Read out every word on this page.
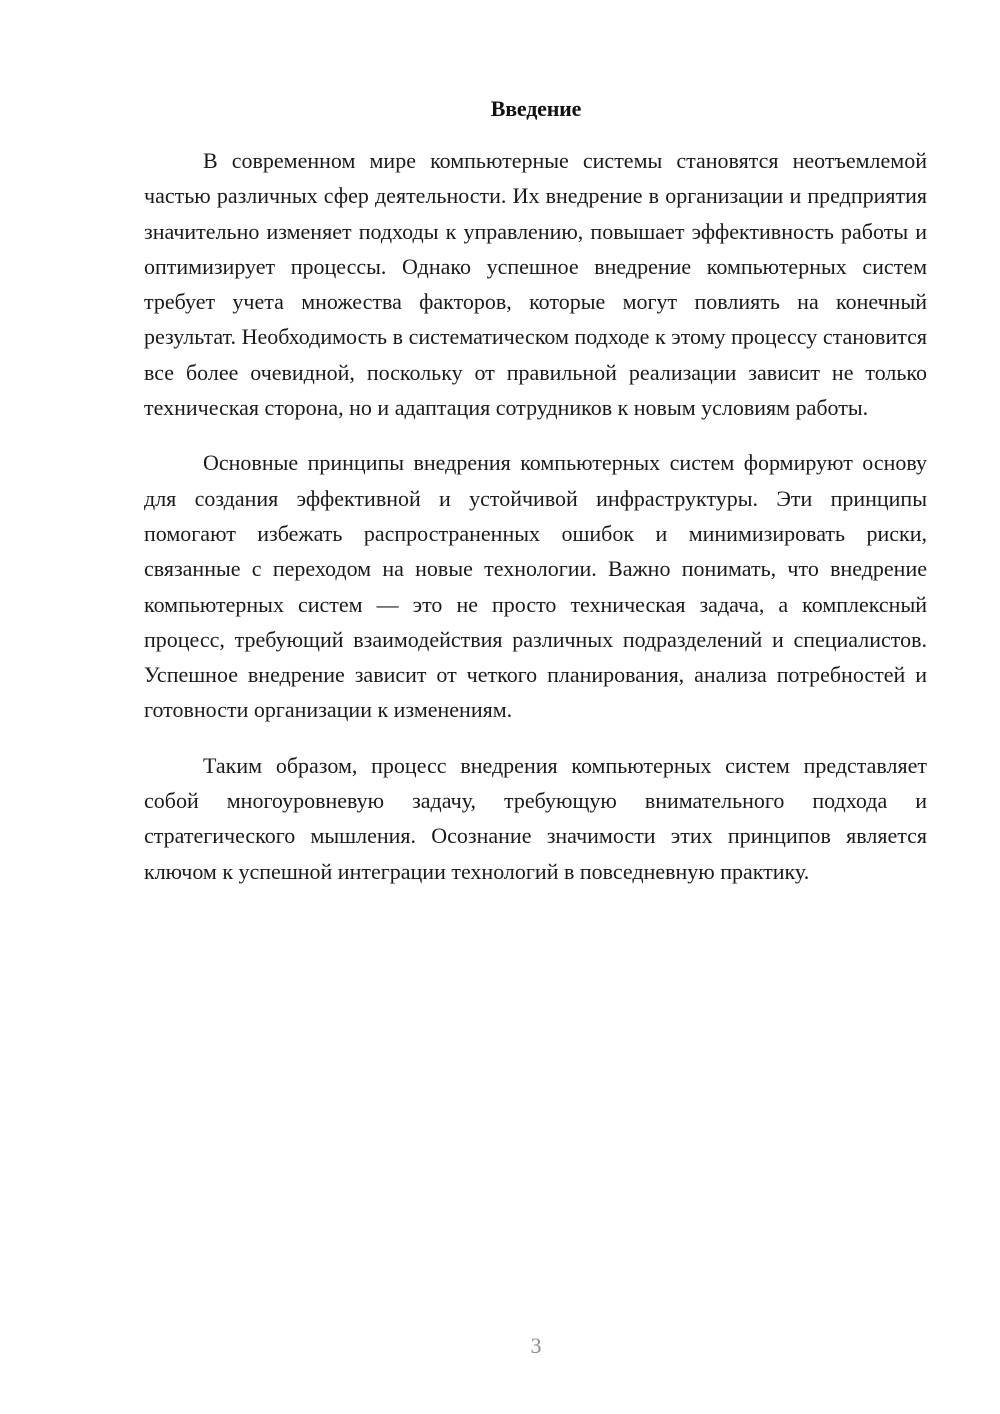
Введение

В современном мире компьютерные системы становятся неотъемлемой частью различных сфер деятельности. Их внедрение в организации и предприятия значительно изменяет подходы к управлению, повышает эффективность работы и оптимизирует процессы. Однако успешное внедрение компьютерных систем требует учета множества факторов, которые могут повлиять на конечный результат. Необходимость в систематическом подходе к этому процессу становится все более очевидной, поскольку от правильной реализации зависит не только техническая сторона, но и адаптация сотрудников к новым условиям работы.

Основные принципы внедрения компьютерных систем формируют основу для создания эффективной и устойчивой инфраструктуры. Эти принципы помогают избежать распространенных ошибок и минимизировать риски, связанные с переходом на новые технологии. Важно понимать, что внедрение компьютерных систем — это не просто техническая задача, а комплексный процесс, требующий взаимодействия различных подразделений и специалистов. Успешное внедрение зависит от четкого планирования, анализа потребностей и готовности организации к изменениям.

Таким образом, процесс внедрения компьютерных систем представляет собой многоуровневую задачу, требующую внимательного подхода и стратегического мышления. Осознание значимости этих принципов является ключом к успешной интеграции технологий в повседневную практику.

3
